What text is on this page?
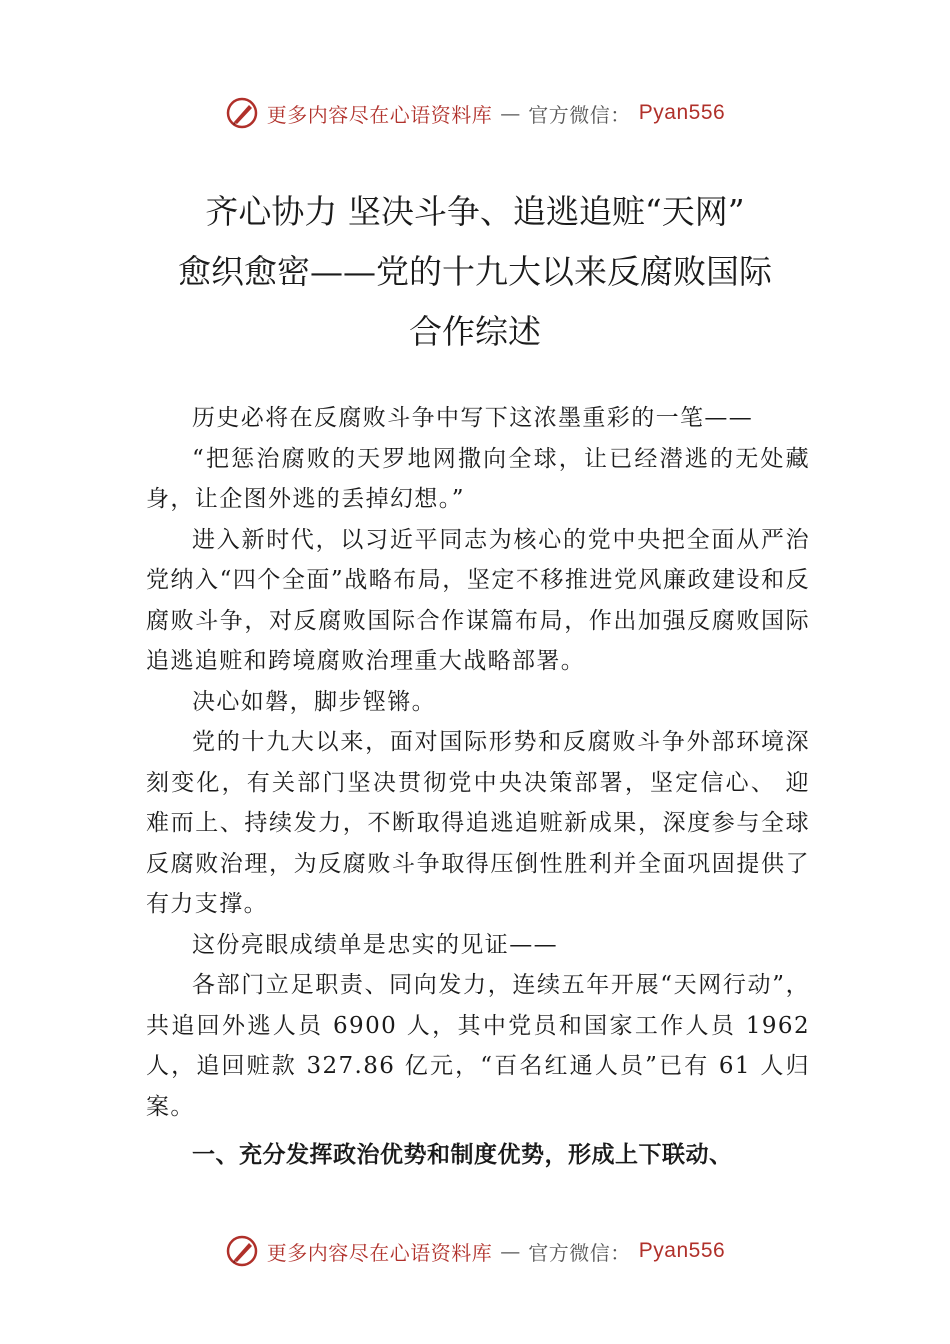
更多内容尽在心语资料库 — 官方微信： Pyan556
齐心协力 坚决斗争、追逃追赃“天网”
愈织愈密——党的十九大以来反腐败国际
合作综述

历史必将在反腐败斗争中写下这浓墨重彩的一笔——

“把惩治腐败的天罗地网撒向全球，让已经潜逃的无处藏身，让企图外逃的丢掉幻想。”

进入新时代，以习近平同志为核心的党中央把全面从严治党纳入“四个全面”战略布局，坚定不移推进党风廉政建设和反腐败斗争，对反腐败国际合作谋篇布局，作出加强反腐败国际追逃追赃和跨境腐败治理重大战略部署。

决心如磐，脚步铿锵。

党的十九大以来，面对国际形势和反腐败斗争外部环境深刻变化，有关部门坚决贯彻党中央决策部署，坚定信心、 迎难而上、持续发力，不断取得追逃追赃新成果，深度参与全球反腐败治理，为反腐败斗争取得压倒性胜利并全面巩固提供了有力支撑。

这份亮眼成绩单是忠实的见证——

各部门立足职责、同向发力，连续五年开展“天网行动”，共追回外逃人员 6900 人，其中党员和国家工作人员 1962 人，追回赃款 327.86 亿元，“百名红通人员”已有 61 人归案。

一、充分发挥政治优势和制度优势，形成上下联动、
更多内容尽在心语资料库 — 官方微信： Pyan556
